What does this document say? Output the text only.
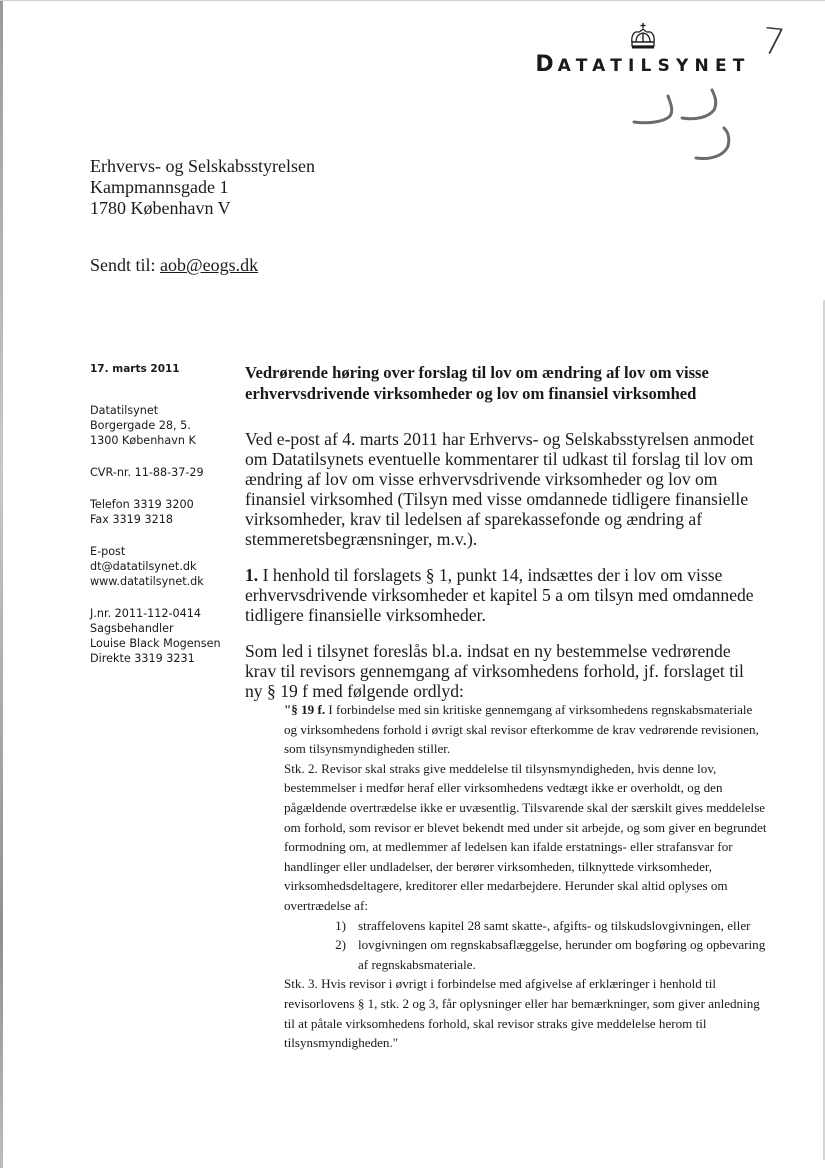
DATATILSYNET
7
Erhvervs- og Selskabsstyrelsen
Kampmannsgade 1
1780 København V
Sendt til: aob@eogs.dk
17. marts 2011
Datatilsynet
Borgergade 28, 5.
1300 København K
CVR-nr. 11-88-37-29
Telefon 3319 3200
Fax 3319 3218
E-post
dt@datatilsynet.dk
www.datatilsynet.dk
J.nr. 2011-112-0414
Sagsbehandler
Louise Black Mogensen
Direkte 3319 3231

Vedrørende høring over forslag til lov om ændring af lov om visse erhvervsdrivende virksomheder og lov om finansiel virksomhed

Ved e-post af 4. marts 2011 har Erhvervs- og Selskabsstyrelsen anmodet om Datatilsynets eventuelle kommentarer til udkast til forslag til lov om ændring af lov om visse erhvervsdrivende virksomheder og lov om finansiel virksomhed (Tilsyn med visse omdannede tidligere finansielle virksomheder, krav til ledelsen af sparekassefonde og ændring af stemmeretsbegrænsninger, m.v.).

1. I henhold til forslagets § 1, punkt 14, indsættes der i lov om visse erhvervsdrivende virksomheder et kapitel 5 a om tilsyn med omdannede tidligere finansielle virksomheder.

Som led i tilsynet foreslås bl.a. indsat en ny bestemmelse vedrørende krav til revisors gennemgang af virksomhedens forhold, jf. forslaget til ny § 19 f med følgende ordlyd:

"§ 19 f. I forbindelse med sin kritiske gennemgang af virksomhedens regnskabsmateriale og virksomhedens forhold i øvrigt skal revisor efterkomme de krav vedrørende revisionen, som tilsynsmyndigheden stiller.

Stk. 2. Revisor skal straks give meddelelse til tilsynsmyndigheden, hvis denne lov, bestemmelser i medfør heraf eller virksomhedens vedtægt ikke er overholdt, og den pågældende overtrædelse ikke er uvæsentlig. Tilsvarende skal der særskilt gives meddelelse om forhold, som revisor er blevet bekendt med under sit arbejde, og som giver en begrundet formodning om, at medlemmer af ledelsen kan ifalde erstatnings- eller strafansvar for handlinger eller undladelser, der berører virksomheden, tilknyttede virksomheder, virksomhedsdeltagere, kreditorer eller medarbejdere. Herunder skal altid oplyses om overtrædelse af:

1) straffelovens kapitel 28 samt skatte-, afgifts- og tilskudslovgivningen, eller
2) lovgivningen om regnskabsaflæggelse, herunder om bogføring og opbevaring af regnskabsmateriale.

Stk. 3. Hvis revisor i øvrigt i forbindelse med afgivelse af erklæringer i henhold til revisorlovens § 1, stk. 2 og 3, får oplysninger eller har bemærkninger, som giver anledning til at påtale virksomhedens forhold, skal revisor straks give meddelelse herom til tilsynsmyndigheden."
